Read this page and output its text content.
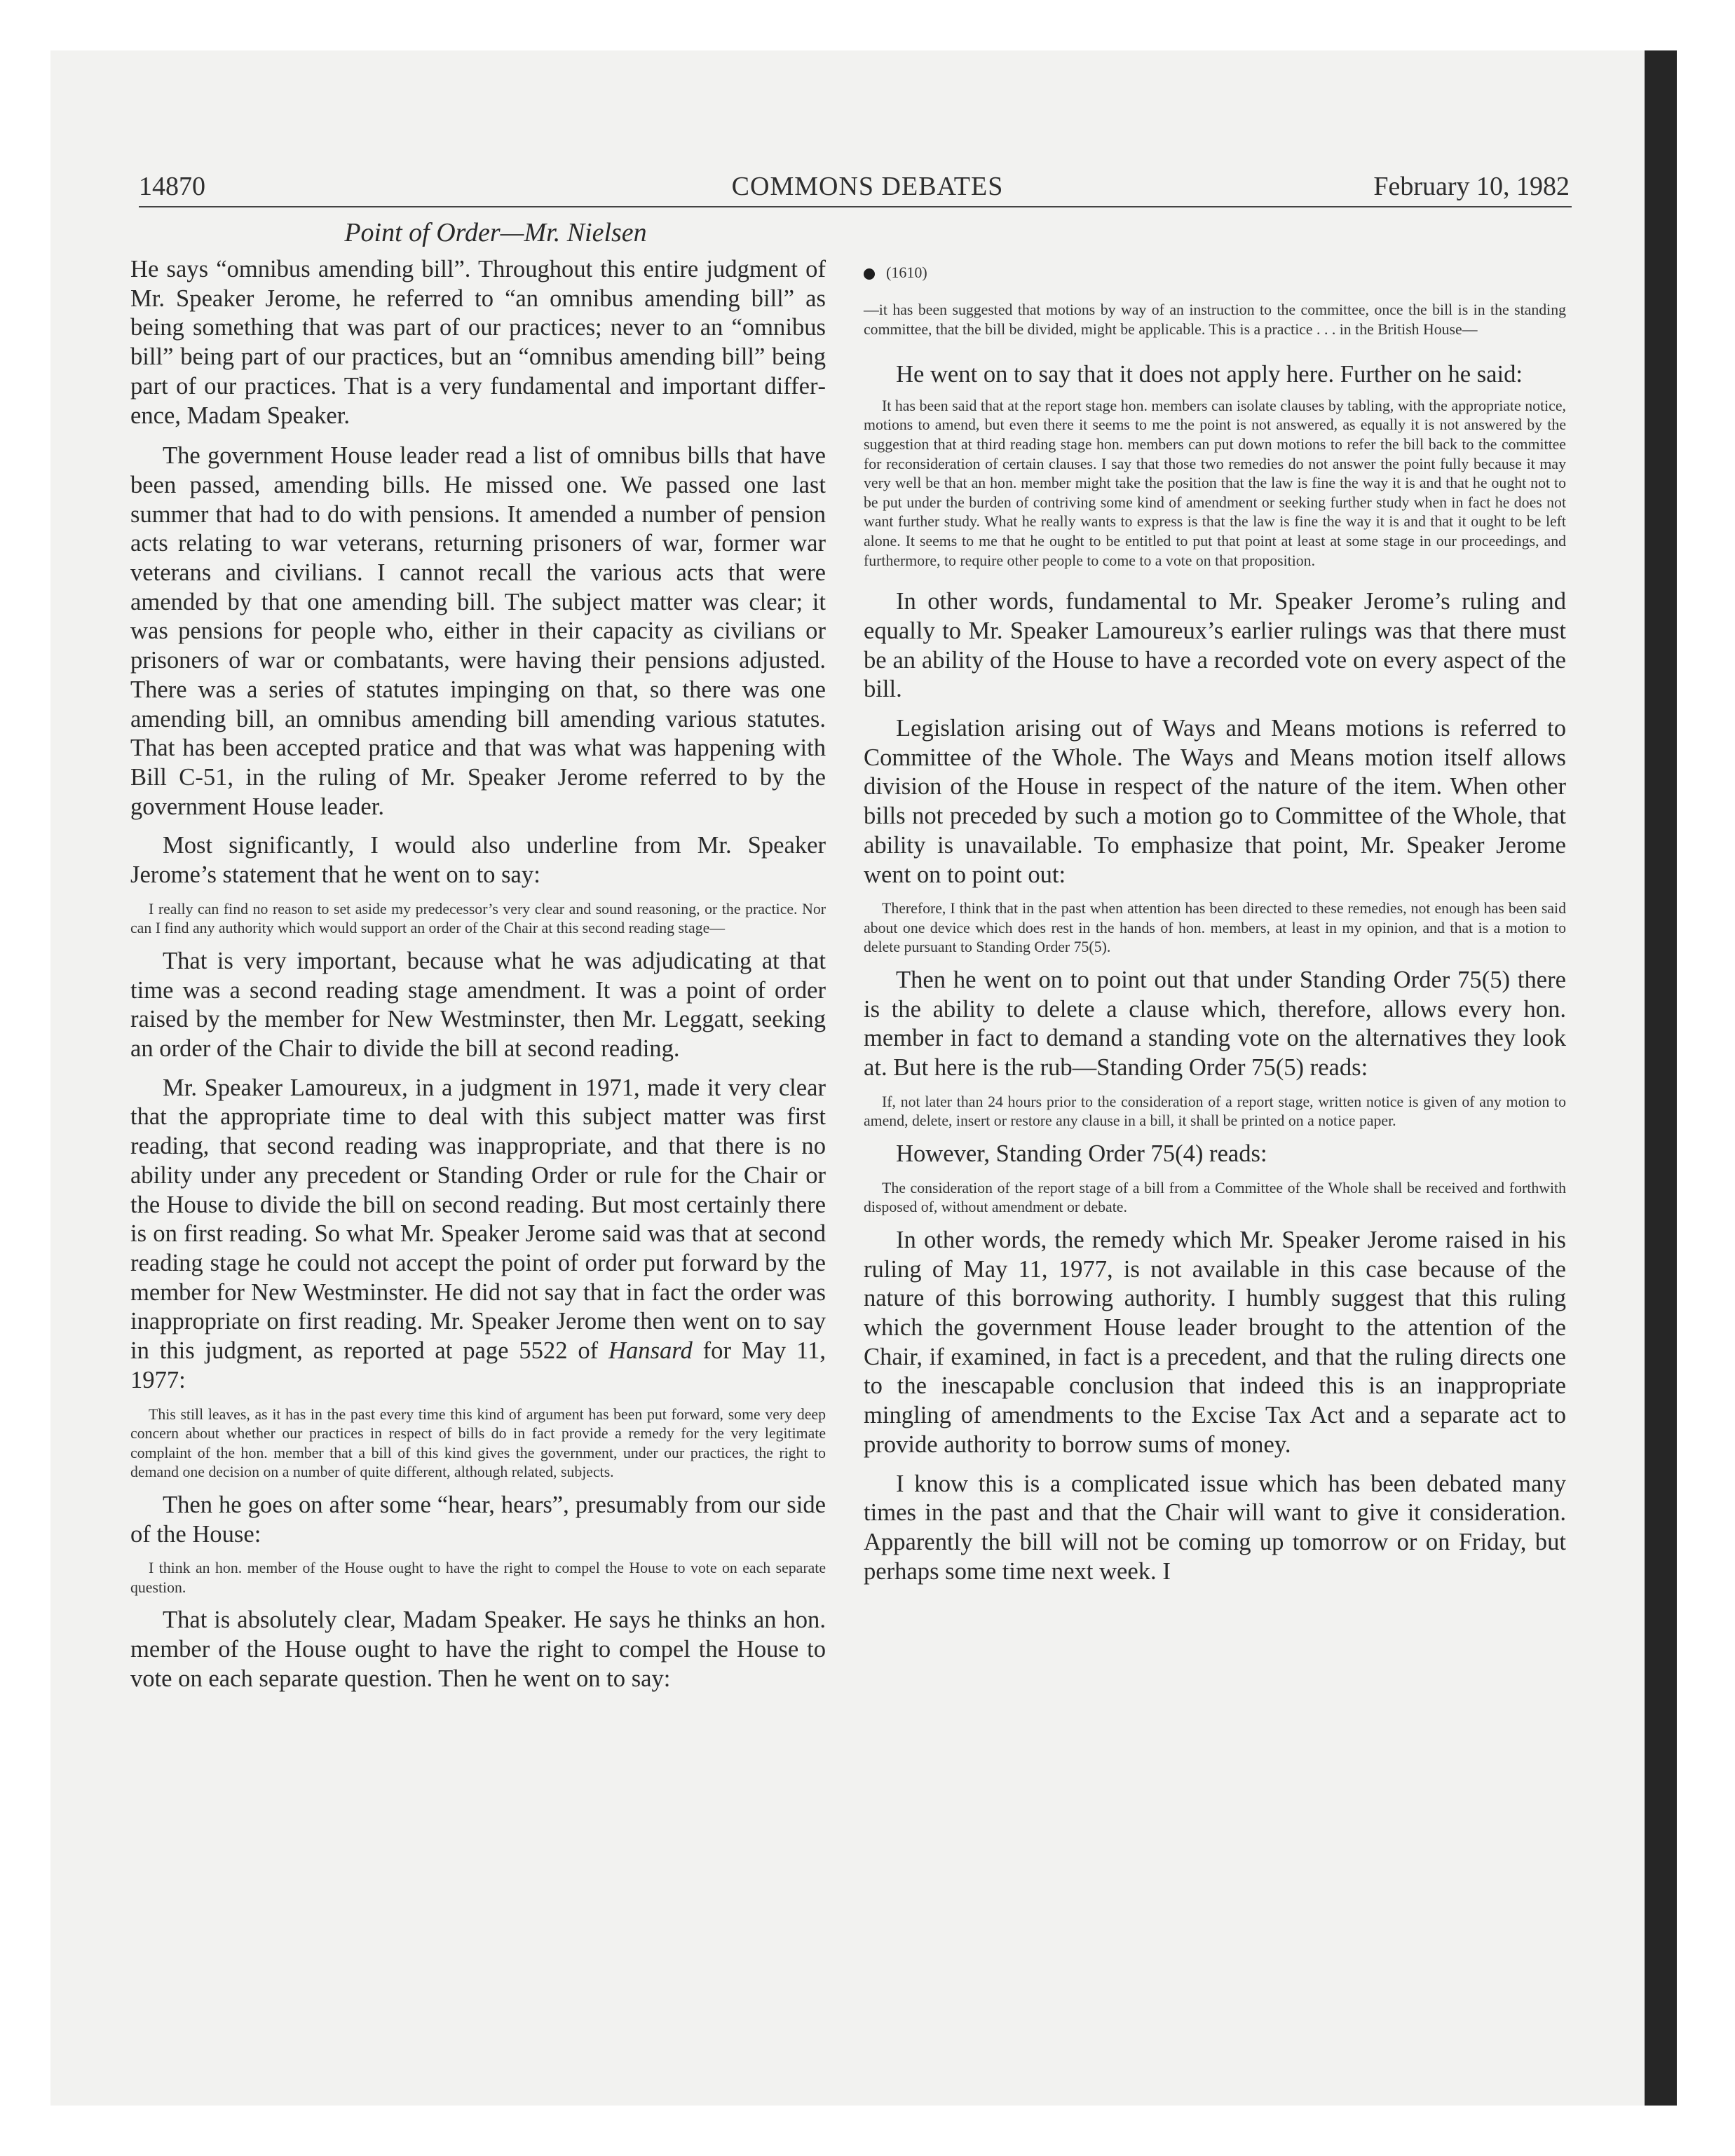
14870	COMMONS DEBATES	February 10, 1982

Point of Order—Mr. Nielsen

He says “omnibus amending bill”. Throughout this entire judgment of Mr. Speaker Jerome, he referred to “an omnibus amending bill” as being something that was part of our practices; never to an “omnibus bill” being part of our practices, but an “omnibus amending bill” being part of our practices. That is a very fundamental and important difference, Madam Speaker.

The government House leader read a list of omnibus bills that have been passed, amending bills. He missed one. We passed one last summer that had to do with pensions. It amended a number of pension acts relating to war veterans, returning prisoners of war, former war veterans and civilians. I cannot recall the various acts that were amended by that one amending bill. The subject matter was clear; it was pensions for people who, either in their capacity as civilians or prisoners of war or combatants, were having their pensions adjusted. There was a series of statutes impinging on that, so there was one amending bill, an omnibus amending bill amending various statutes. That has been accepted pratice and that was what was happening with Bill C-51, in the ruling of Mr. Speaker Jerome referred to by the government House leader.

Most significantly, I would also underline from Mr. Speaker Jerome’s statement that he went on to say:

I really can find no reason to set aside my predecessor’s very clear and sound reasoning, or the practice. Nor can I find any authority which would support an order of the Chair at this second reading stage—

That is very important, because what he was adjudicating at that time was a second reading stage amendment. It was a point of order raised by the member for New Westminster, then Mr. Leggatt, seeking an order of the Chair to divide the bill at second reading.

Mr. Speaker Lamoureux, in a judgment in 1971, made it very clear that the appropriate time to deal with this subject matter was first reading, that second reading was inappropriate, and that there is no ability under any precedent or Standing Order or rule for the Chair or the House to divide the bill on second reading. But most certainly there is on first reading. So what Mr. Speaker Jerome said was that at second reading stage he could not accept the point of order put forward by the member for New Westminster. He did not say that in fact the order was inappropriate on first reading. Mr. Speaker Jerome then went on to say in this judgment, as reported at page 5522 of Hansard for May 11, 1977:

This still leaves, as it has in the past every time this kind of argument has been put forward, some very deep concern about whether our practices in respect of bills do in fact provide a remedy for the very legitimate complaint of the hon. member that a bill of this kind gives the government, under our practices, the right to demand one decision on a number of quite different, although related, subjects.

Then he goes on after some “hear, hears”, presumably from our side of the House:

I think an hon. member of the House ought to have the right to compel the House to vote on each separate question.

That is absolutely clear, Madam Speaker. He says he thinks an hon. member of the House ought to have the right to compel the House to vote on each separate question. Then he went on to say:

(1610)

—it has been suggested that motions by way of an instruction to the committee, once the bill is in the standing committee, that the bill be divided, might be applicable. This is a practice . . . in the British House—

He went on to say that it does not apply here. Further on he said:

It has been said that at the report stage hon. members can isolate clauses by tabling, with the appropriate notice, motions to amend, but even there it seems to me the point is not answered, as equally it is not answered by the suggestion that at third reading stage hon. members can put down motions to refer the bill back to the committee for reconsideration of certain clauses. I say that those two remedies do not answer the point fully because it may very well be that an hon. member might take the position that the law is fine the way it is and that he ought not to be put under the burden of contriving some kind of amendment or seeking further study when in fact he does not want further study. What he really wants to express is that the law is fine the way it is and that it ought to be left alone. It seems to me that he ought to be entitled to put that point at least at some stage in our proceedings, and furthermore, to require other people to come to a vote on that proposition.

In other words, fundamental to Mr. Speaker Jerome’s ruling and equally to Mr. Speaker Lamoureux’s earlier rulings was that there must be an ability of the House to have a recorded vote on every aspect of the bill.

Legislation arising out of Ways and Means motions is referred to Committee of the Whole. The Ways and Means motion itself allows division of the House in respect of the nature of the item. When other bills not preceded by such a motion go to Committee of the Whole, that ability is unavailable. To emphasize that point, Mr. Speaker Jerome went on to point out:

Therefore, I think that in the past when attention has been directed to these remedies, not enough has been said about one device which does rest in the hands of hon. members, at least in my opinion, and that is a motion to delete pursuant to Standing Order 75(5).

Then he went on to point out that under Standing Order 75(5) there is the ability to delete a clause which, therefore, allows every hon. member in fact to demand a standing vote on the alternatives they look at. But here is the rub—Standing Order 75(5) reads:

If, not later than 24 hours prior to the consideration of a report stage, written notice is given of any motion to amend, delete, insert or restore any clause in a bill, it shall be printed on a notice paper.

However, Standing Order 75(4) reads:

The consideration of the report stage of a bill from a Committee of the Whole shall be received and forthwith disposed of, without amendment or debate.

In other words, the remedy which Mr. Speaker Jerome raised in his ruling of May 11, 1977, is not available in this case because of the nature of this borrowing authority. I humbly suggest that this ruling which the government House leader brought to the attention of the Chair, if examined, in fact is a precedent, and that the ruling directs one to the inescapable conclusion that indeed this is an inappropriate mingling of amendments to the Excise Tax Act and a separate act to provide authority to borrow sums of money.

I know this is a complicated issue which has been debated many times in the past and that the Chair will want to give it consideration. Apparently the bill will not be coming up tomorrow or on Friday, but perhaps some time next week. I
